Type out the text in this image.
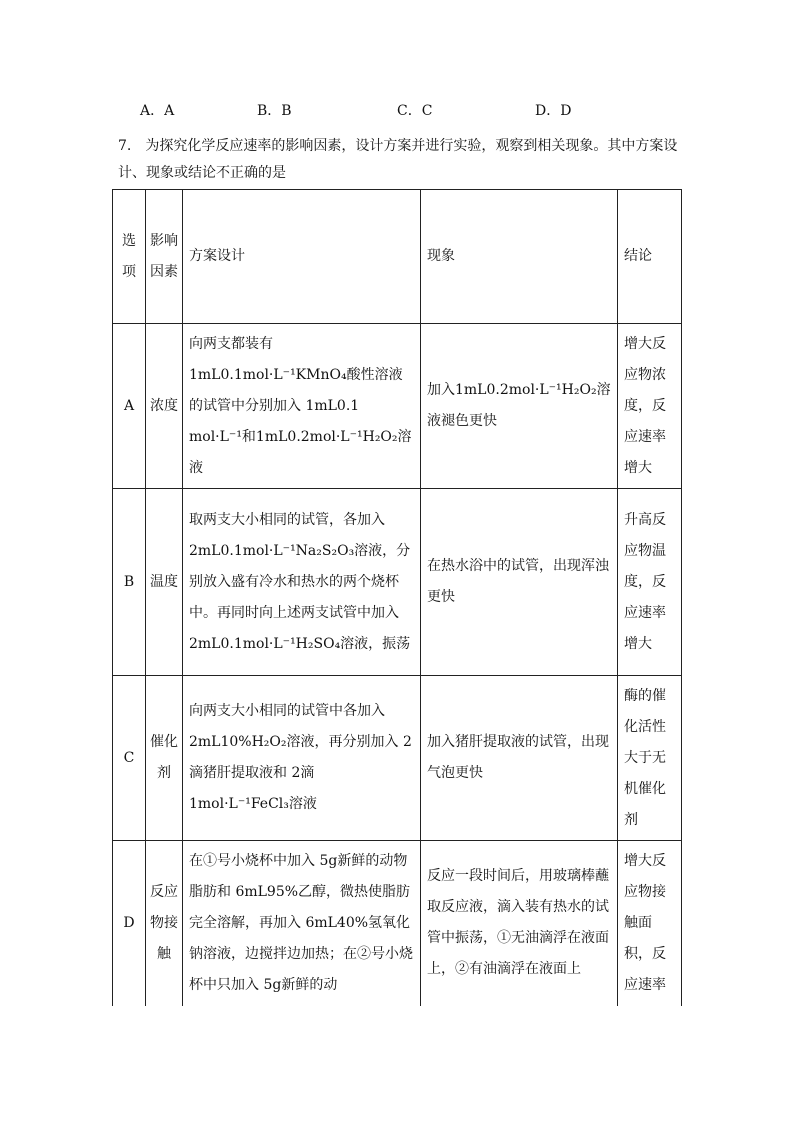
A．A	B．B	C．C	D．D
7.　为探究化学反应速率的影响因素，设计方案并进行实验，观察到相关现象。其中方案设计、现象或结论不正确的是
选项	影响因素	方案设计	现象	结论
A	浓度	向两支都装有1mL0.1mol·L⁻¹KMnO₄酸性溶液的试管中分别加入 1mL0.1 mol·L⁻¹和1mL0.2mol·L⁻¹H₂O₂溶液	加入1mL0.2mol·L⁻¹H₂O₂溶液褪色更快	增大反应物浓度，反应速率增大
B	温度	取两支大小相同的试管，各加入2mL0.1mol·L⁻¹Na₂S₂O₃溶液，分别放入盛有冷水和热水的两个烧杯中。再同时向上述两支试管中加入 2mL0.1mol·L⁻¹H₂SO₄溶液，振荡	在热水浴中的试管，出现浑浊更快	升高反应物温度，反应速率增大
C	催化剂	向两支大小相同的试管中各加入2mL10%H₂O₂溶液，再分别加入 2滴猪肝提取液和 2滴1mol·L⁻¹FeCl₃溶液	加入猪肝提取液的试管，出现气泡更快	酶的催化活性大于无机催化剂
D	反应物接触	在①号小烧杯中加入 5g新鲜的动物脂肪和 6mL95%乙醇，微热使脂肪完全溶解，再加入 6mL40%氢氧化钠溶液，边搅拌边加热；在②号小烧杯中只加入 5g新鲜的动	反应一段时间后，用玻璃棒蘸取反应液，滴入装有热水的试管中振荡，①无油滴浮在液面上，②有油滴浮在液面上	增大反应物接触面积，反应速率
